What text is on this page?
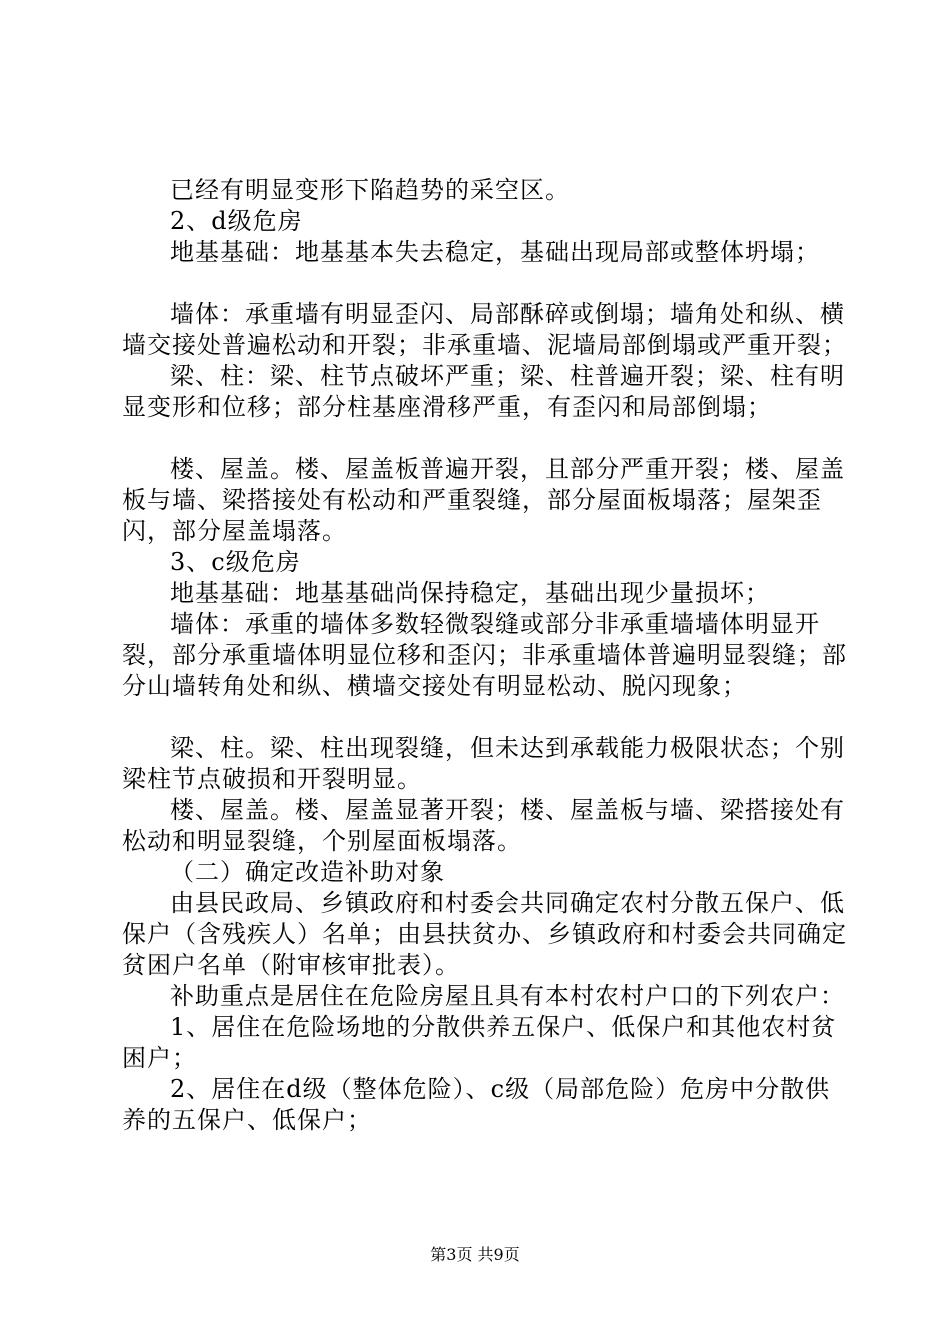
已经有明显变形下陷趋势的采空区。

2、d级危房

地基基础：地基基本失去稳定，基础出现局部或整体坍塌；

墙体：承重墙有明显歪闪、局部酥碎或倒塌；墙角处和纵、横墙交接处普遍松动和开裂；非承重墙、泥墙局部倒塌或严重开裂；

梁、柱：梁、柱节点破坏严重；梁、柱普遍开裂；梁、柱有明显变形和位移；部分柱基座滑移严重，有歪闪和局部倒塌；

楼、屋盖。楼、屋盖板普遍开裂，且部分严重开裂；楼、屋盖板与墙、梁搭接处有松动和严重裂缝，部分屋面板塌落；屋架歪闪，部分屋盖塌落。

3、c级危房

地基基础：地基基础尚保持稳定，基础出现少量损坏；

墙体：承重的墙体多数轻微裂缝或部分非承重墙墙体明显开裂，部分承重墙体明显位移和歪闪；非承重墙体普遍明显裂缝；部分山墙转角处和纵、横墙交接处有明显松动、脱闪现象；

梁、柱。梁、柱出现裂缝，但未达到承载能力极限状态；个别梁柱节点破损和开裂明显。

楼、屋盖。楼、屋盖显著开裂；楼、屋盖板与墙、梁搭接处有松动和明显裂缝，个别屋面板塌落。

（二）确定改造补助对象

由县民政局、乡镇政府和村委会共同确定农村分散五保户、低保户（含残疾人）名单；由县扶贫办、乡镇政府和村委会共同确定贫困户名单（附审核审批表）。

补助重点是居住在危险房屋且具有本村农村户口的下列农户：

1、居住在危险场地的分散供养五保户、低保户和其他农村贫困户；

2、居住在d级（整体危险）、c级（局部危险）危房中分散供养的五保户、低保户；

第3页 共9页
